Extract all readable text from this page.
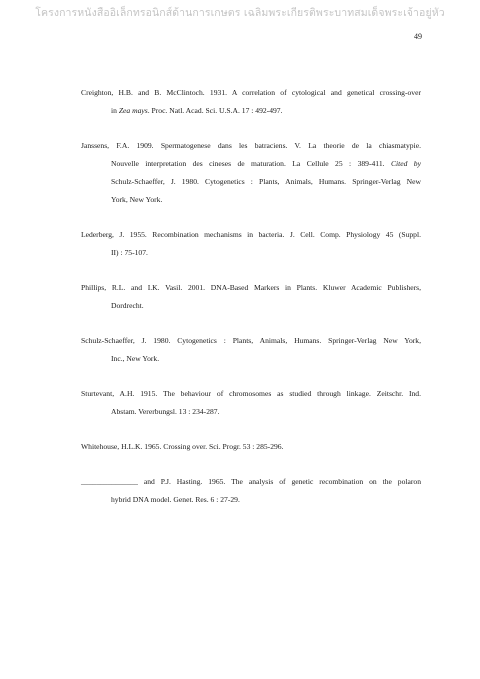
โครงการหนังสืออิเล็กทรอนิกส์ด้านการเกษตร เฉลิมพระเกียรติพระบาทสมเด็จพระเจ้าอยู่หัว
49
Creighton, H.B. and B. McClintoch. 1931. A correlation of cytological and genetical crossing-over
in Zea mays. Proc. Natl. Acad. Sci. U.S.A. 17 : 492-497.
Janssens, F.A. 1909. Spermatogenese dans les batraciens. V. La theorie de la chiasmatypie.
Nouvelle interpretation des cineses de maturation. La Cellule 25 : 389-411. Cited by
Schulz-Schaeffer, J. 1980. Cytogenetics : Plants, Animals, Humans. Springer-Verlag New
York, New York.
Lederberg, J. 1955. Recombination mechanisms in bacteria. J. Cell. Comp. Physiology 45 (Suppl.
II) : 75-107.
Phillips, R.L. and I.K. Vasil. 2001. DNA-Based Markers in Plants. Kluwer Academic Publishers,
Dordrecht.
Schulz-Schaeffer, J. 1980. Cytogenetics : Plants, Animals, Humans. Springer-Verlag New York,
Inc., New York.
Sturtevant, A.H. 1915. The behaviour of chromosomes as studied through linkage. Zeitschr. Ind.
Abstam. Vererbungsl. 13 : 234-287.
Whitehouse, H.L.K. 1965. Crossing over. Sci. Progr. 53 : 285-296.
_______________ and P.J. Hasting. 1965. The analysis of genetic recombination on the polaron
hybrid DNA model. Genet. Res. 6 : 27-29.
